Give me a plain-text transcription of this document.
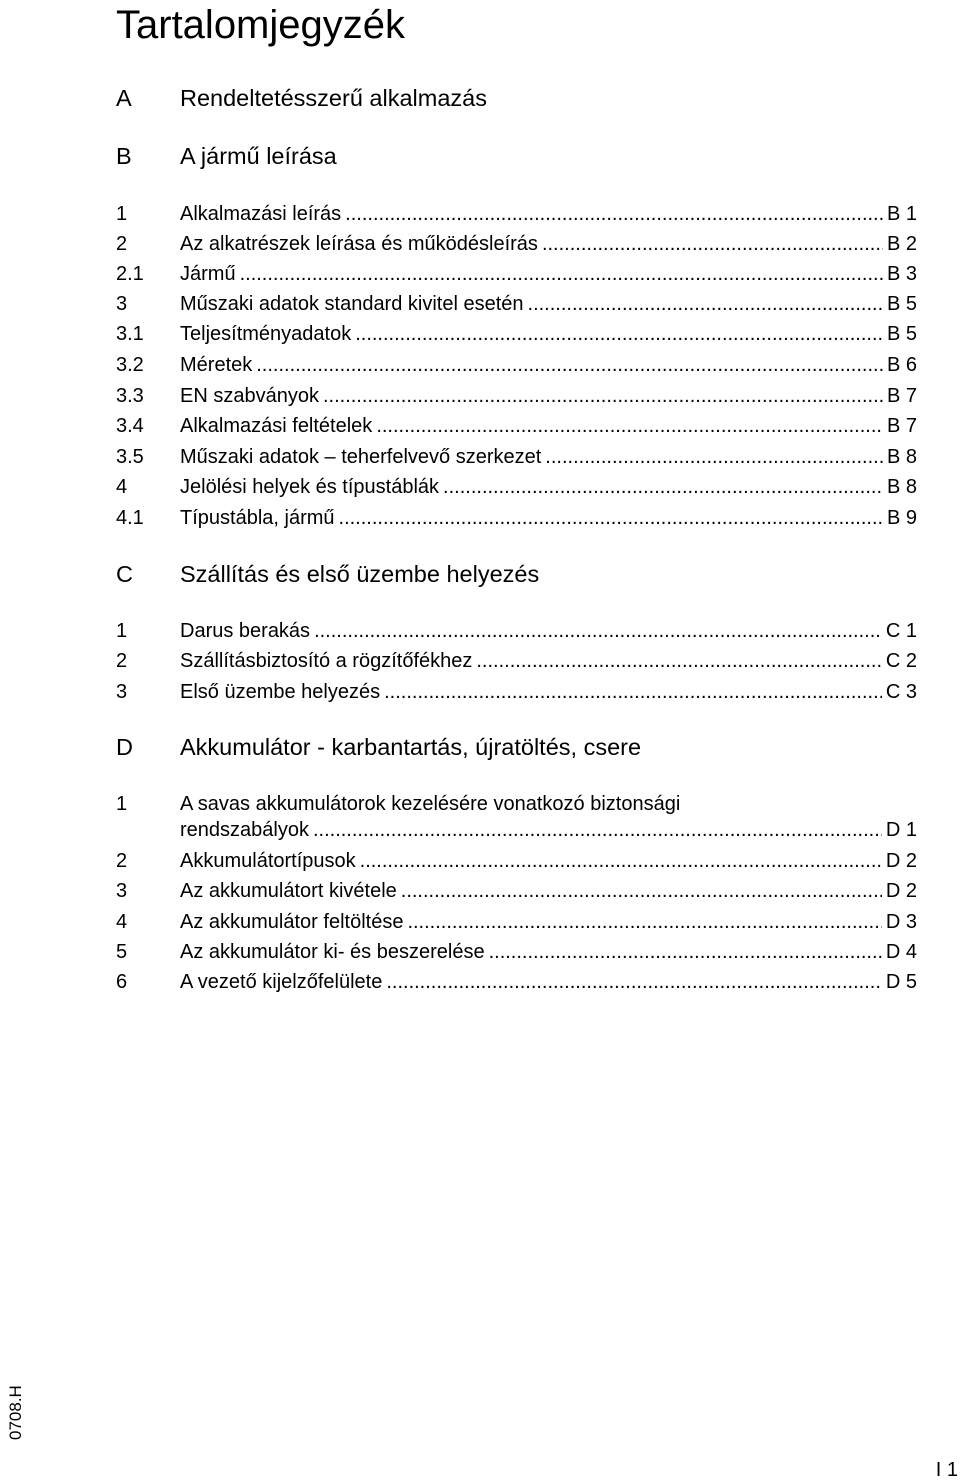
Tartalomjegyzék
A	Rendeltetésszerű alkalmazás
B	A jármű leírása
1	Alkalmazási leírás .....	B 1
2	Az alkatrészek leírása és működésleírás .....	B 2
2.1	Jármű .....	B 3
3	Műszaki adatok standard kivitel esetén .....	B 5
3.1	Teljesítményadatok .....	B 5
3.2	Méretek .....	B 6
3.3	EN szabványok .....	B 7
3.4	Alkalmazási feltételek .....	B 7
3.5	Műszaki adatok – teherfelvevő szerkezet .....	B 8
4	Jelölési helyek és típustáblák .....	B 8
4.1	Típustábla, jármű .....	B 9
C	Szállítás és első üzembe helyezés
1	Darus berakás .....	C 1
2	Szállításbiztosító a rögzítőfékhez .....	C 2
3	Első üzembe helyezés .....	C 3
D	Akkumulátor - karbantartás, újratöltés, csere
1	A savas akkumulátorok kezelésére vonatkozó biztonsági
rendszabályok .....	D 1
2	Akkumulátortípusok .....	D 2
3	Az akkumulátort kivétele .....	D 2
4	Az akkumulátor feltöltése .....	D 3
5	Az akkumulátor ki- és beszerelése .....	D 4
6	A vezető kijelzőfelülete .....	D 5
0708.H
I 1
